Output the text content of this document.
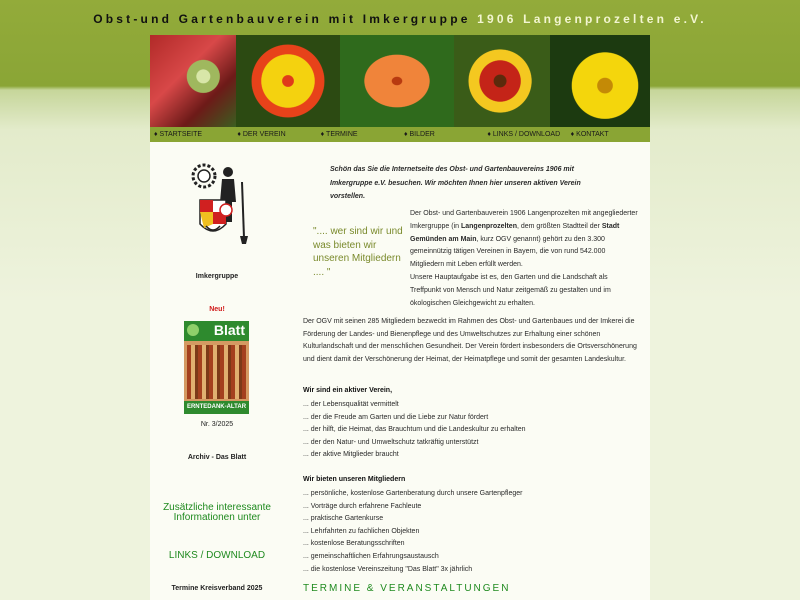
Obst-und Gartenbauverein mit Imkergruppe 1906 Langenprozelten e.V.
♦ STARTSEITE	♦ DER VEREIN	♦ TERMINE	♦ BILDER	♦ LINKS / DOWNLOAD	♦ KONTAKT
Imkergruppe
Neu!
Blatt
ERNTEDANK-ALTAR
Nr. 3/2025
Archiv - Das Blatt
Zusätzliche interessante Informationen unter
LINKS / DOWNLOAD
Termine Kreisverband 2025
Schön das Sie die Internetseite des Obst- und Gartenbauvereins 1906 mit Imkergruppe e.V. besuchen. Wir möchten Ihnen hier unseren aktiven Verein vorstellen.
".... wer sind wir und was bieten wir unseren Mitgliedern .... "

Der Obst- und Gartenbauverein 1906 Langenprozelten mit angegliederter Imkergruppe (in Langenprozelten, dem größten Stadtteil der Stadt Gemünden am Main, kurz OGV genannt) gehört zu den 3.300 gemeinnützig tätigen Vereinen in Bayern, die von rund 542.000 Mitgliedern mit Leben erfüllt werden.

Unsere Hauptaufgabe ist es, den Garten und die Landschaft als Treffpunkt von Mensch und Natur zeitgemäß zu gestalten und im ökologischen Gleichgewicht zu erhalten.

Der OGV mit seinen 285 Mitgliedern bezweckt im Rahmen des Obst- und Gartenbaues und der Imkerei die Förderung der Landes- und Bienenpflege und des Umweltschutzes zur Erhaltung einer schönen Kulturlandschaft und der menschlichen Gesundheit. Der Verein fördert insbesonders die Ortsverschönerung und dient damit der Verschönerung der Heimat, der Heimatpflege und somit der gesamten Landeskultur.

Wir sind ein aktiver Verein,

... der Lebensqualität vermittelt
... der die Freude am Garten und die Liebe zur Natur fördert
... der hilft, die Heimat, das Brauchtum und die Landeskultur zu erhalten
... der den Natur- und Umweltschutz tatkräftig unterstützt
... der aktive Mitglieder braucht

Wir bieten unseren Mitgliedern

... persönliche, kostenlose Gartenberatung durch unsere Gartenpfleger
... Vorträge durch erfahrene Fachleute
... praktische Gartenkurse
... Lehrfahrten zu fachlichen Objekten
... kostenlose Beratungsschriften
... gemeinschaftlichen Erfahrungsaustausch
... die kostenlose Vereinszeitung "Das Blatt" 3x jährlich
TERMINE & VERANSTALTUNGEN
